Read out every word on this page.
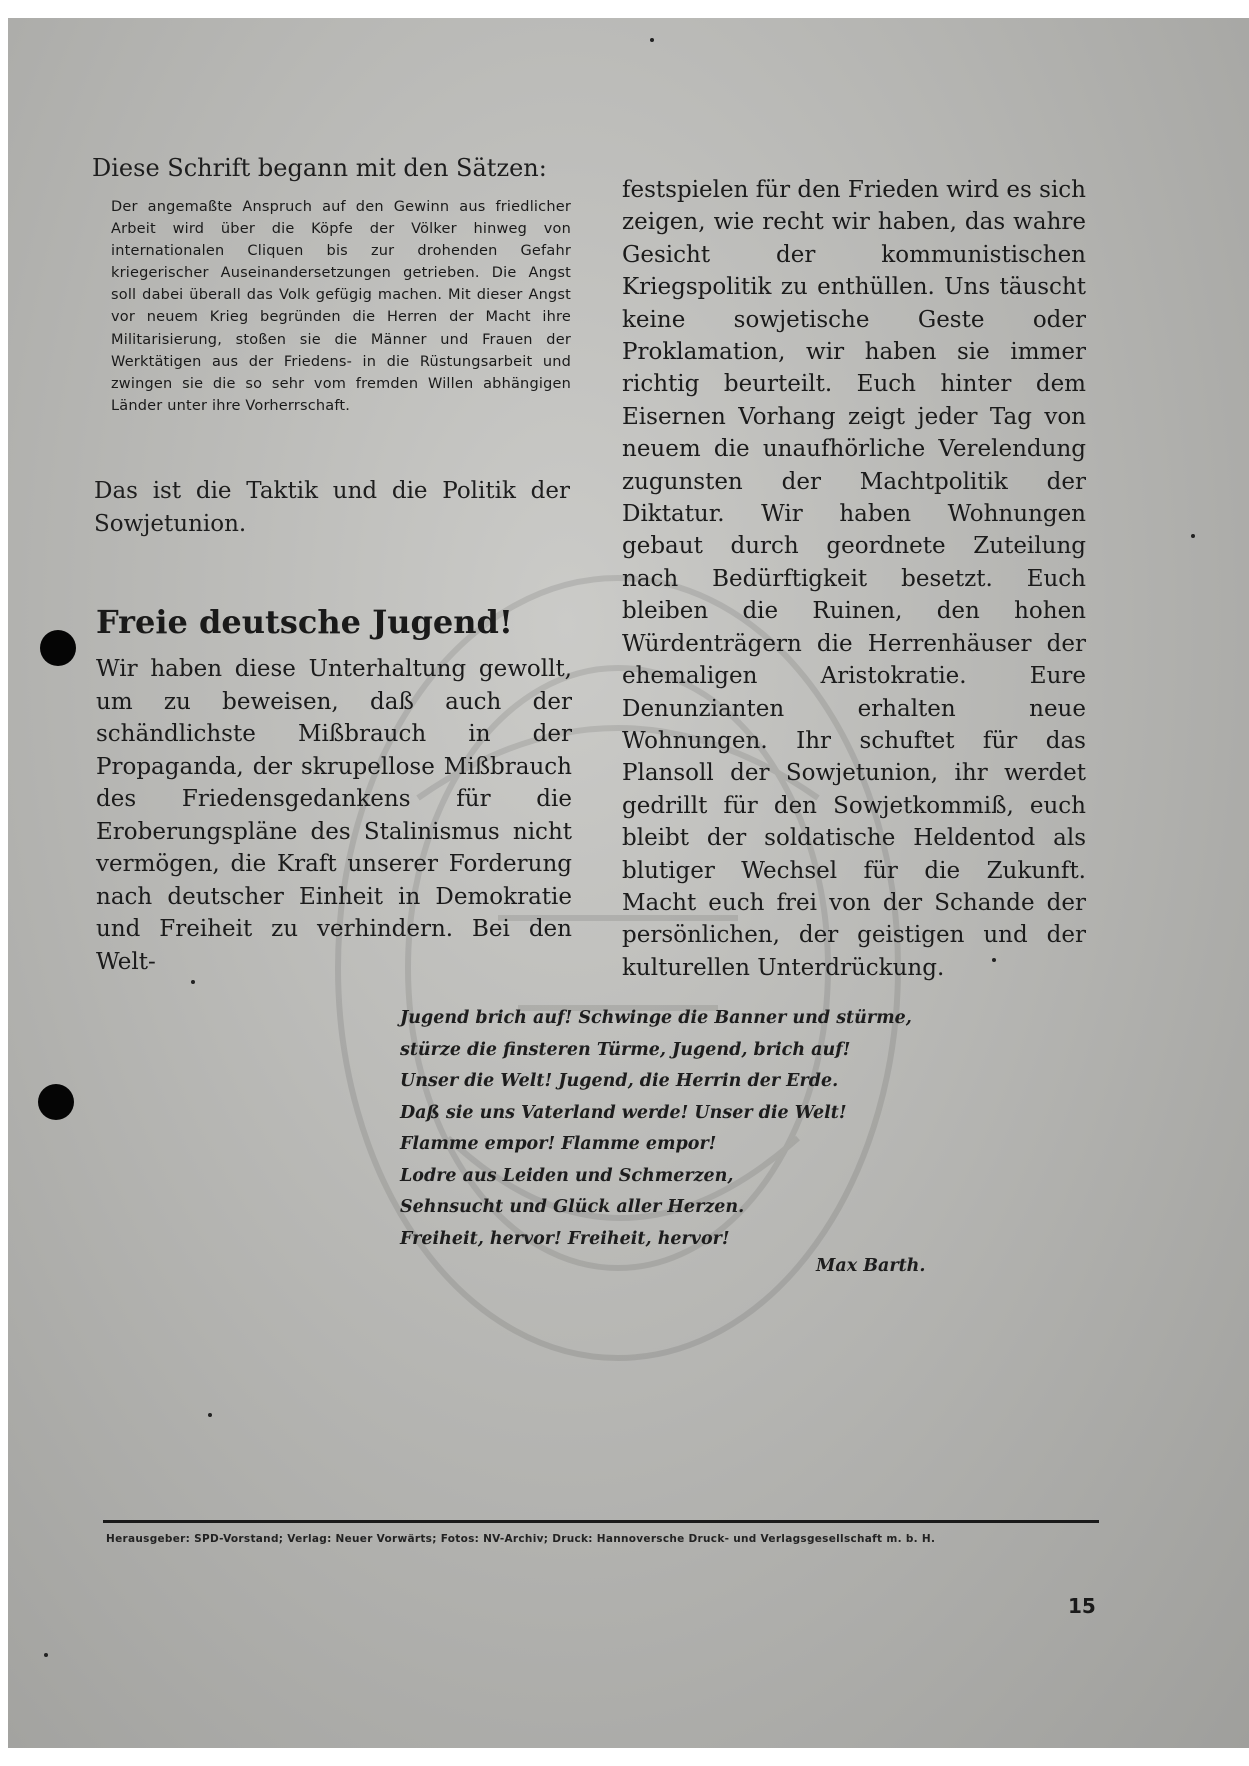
Diese Schrift begann mit den Sätzen:

Der angemaßte Anspruch auf den Gewinn aus friedlicher Arbeit wird über die Köpfe der Völker hinweg von internationalen Cliquen bis zur drohenden Gefahr kriegerischer Auseinandersetzungen getrieben. Die Angst soll dabei überall das Volk gefügig machen. Mit dieser Angst vor neuem Krieg begründen die Herren der Macht ihre Militarisierung, stoßen sie die Männer und Frauen der Werktätigen aus der Friedens- in die Rüstungsarbeit und zwingen sie die so sehr vom fremden Willen abhängigen Länder unter ihre Vorherrschaft.

Das ist die Taktik und die Politik der Sowjetunion.

Freie deutsche Jugend!

Wir haben diese Unterhaltung gewollt, um zu beweisen, daß auch der schändlichste Mißbrauch in der Propaganda, der skrupellose Mißbrauch des Friedensgedankens für die Eroberungspläne des Stalinismus nicht vermögen, die Kraft unserer Forderung nach deutscher Einheit in Demokratie und Freiheit zu verhindern. Bei den Welt-

festspielen für den Frieden wird es sich zeigen, wie recht wir haben, das wahre Gesicht der kommunistischen Kriegspolitik zu enthüllen. Uns täuscht keine sowjetische Geste oder Proklamation, wir haben sie immer richtig beurteilt. Euch hinter dem Eisernen Vorhang zeigt jeder Tag von neuem die unaufhörliche Verelendung zugunsten der Machtpolitik der Diktatur. Wir haben Wohnungen gebaut durch geordnete Zuteilung nach Bedürftigkeit besetzt. Euch bleiben die Ruinen, den hohen Würdenträgern die Herrenhäuser der ehemaligen Aristokratie. Eure Denunzianten erhalten neue Wohnungen. Ihr schuftet für das Plansoll der Sowjetunion, ihr werdet gedrillt für den Sowjetkommiß, euch bleibt der soldatische Heldentod als blutiger Wechsel für die Zukunft. Macht euch frei von der Schande der persönlichen, der geistigen und der kulturellen Unterdrückung.

Jugend brich auf! Schwinge die Banner und stürme,
stürze die finsteren Türme, Jugend, brich auf!
Unser die Welt! Jugend, die Herrin der Erde.
Daß sie uns Vaterland werde! Unser die Welt!
Flamme empor! Flamme empor!
Lodre aus Leiden und Schmerzen,
Sehnsucht und Glück aller Herzen.
Freiheit, hervor! Freiheit, hervor!
Max Barth.
Herausgeber: SPD-Vorstand; Verlag: Neuer Vorwärts; Fotos: NV-Archiv; Druck: Hannoversche Druck- und Verlagsgesellschaft m. b. H.
15
